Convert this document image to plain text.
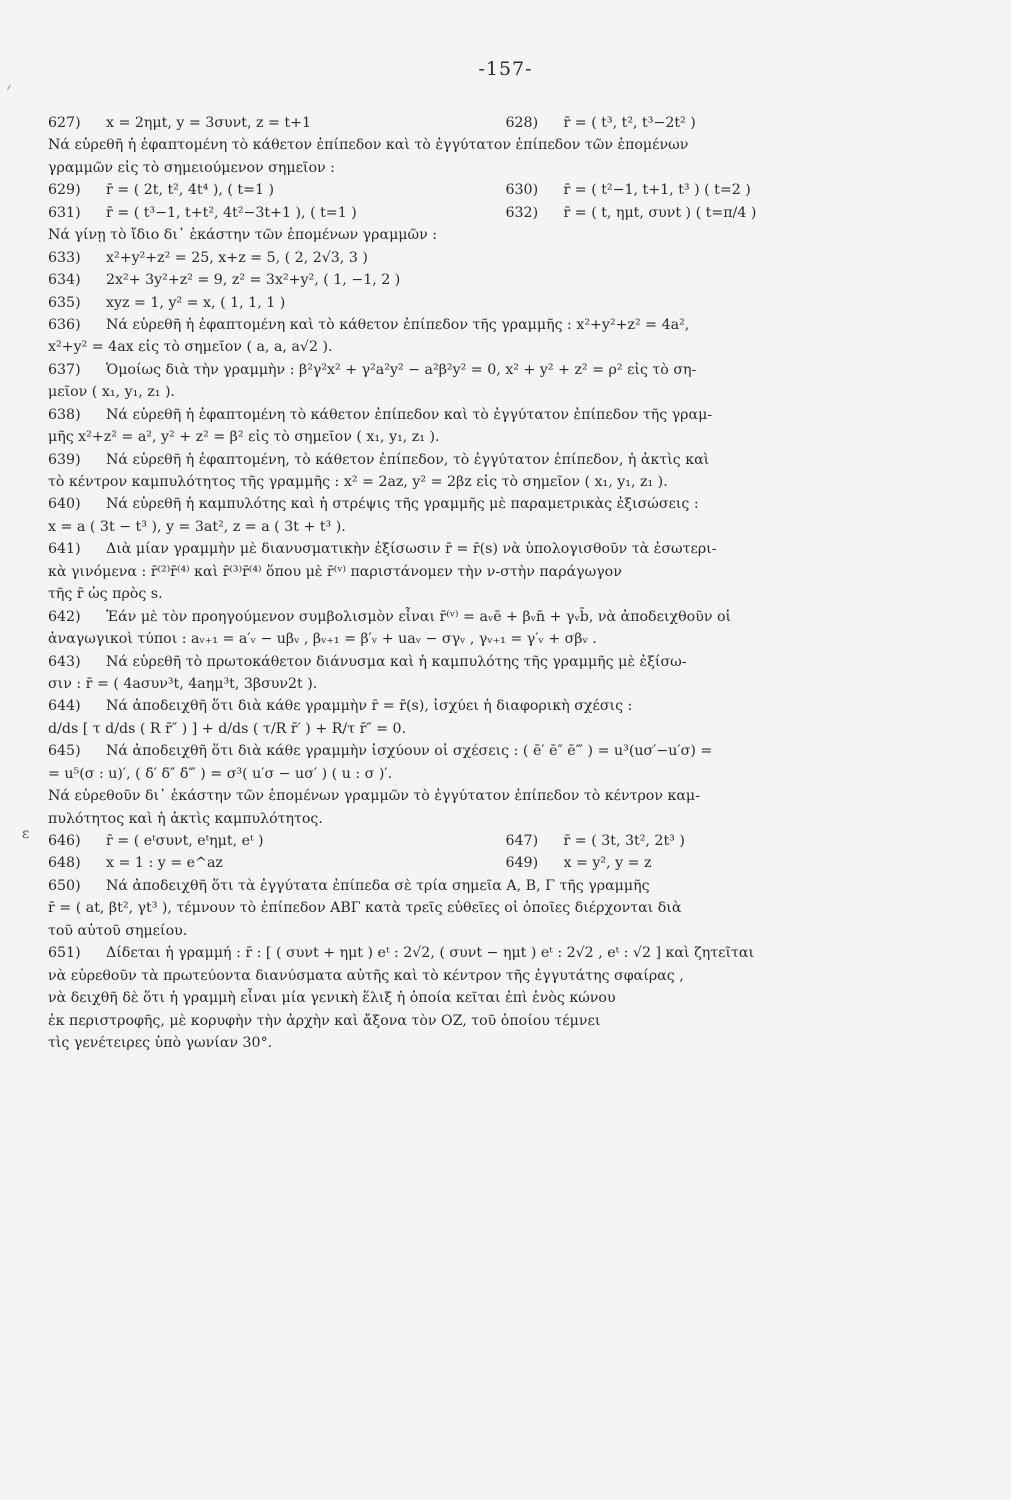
-157-
ε
627)	x = 2ημt, y = 3συνt, z = t+1	628)	r̄ = ( t³, t², t³−2t² )
Νά εὑρεθῆ ἡ ἐφαπτομένη τὸ κάθετον ἐπίπεδον καὶ τὸ ἐγγύτατον ἐπίπεδον τῶν ἑπομένων
γραμμῶν εἰς τὸ σημειούμενον σημεῖον :
629)	r̄ = ( 2t, t², 4t⁴ ), ( t=1 )	630)	r̄ = ( t²−1, t+1, t³ ) ( t=2 )
631)	r̄ = ( t³−1, t+t², 4t²−3t+1 ), ( t=1 )	632)	r̄ = ( t, ημt, συνt ) ( t=π/4 )
Νά γίνῃ τὸ ἴδιο δι᾽ ἑκάστην τῶν ἑπομένων γραμμῶν :
633)	x²+y²+z² = 25, x+z = 5, ( 2, 2√3, 3 )
634)	2x²+ 3y²+z² = 9, z² = 3x²+y², ( 1, −1, 2 )
635)	xyz = 1, y² = x, ( 1, 1, 1 )
636)	Νά εὑρεθῆ ἡ ἐφαπτομένη καὶ τὸ κάθετον ἐπίπεδον τῆς γραμμῆς : x²+y²+z² = 4a²,
x²+y² = 4ax εἰς τὸ σημεῖον ( a, a, a√2 ).
637)	Ὁμοίως διὰ τὴν γραμμὴν : β²γ²x² + γ²a²y² − a²β²y² = 0, x² + y² + z² = ρ² εἰς τὸ ση-
μεῖον ( x₁, y₁, z₁ ).
638)	Νά εὑρεθῆ ἡ ἐφαπτομένη τὸ κάθετον ἐπίπεδον καὶ τὸ ἐγγύτατον ἐπίπεδον τῆς γραμ-
μῆς x²+z² = a², y² + z² = β² εἰς τὸ σημεῖον ( x₁, y₁, z₁ ).
639)	Νά εὑρεθῆ ἡ ἐφαπτομένη, τὸ κάθετον ἐπίπεδον, τὸ ἐγγύτατον ἐπίπεδον, ἡ ἀκτὶς καὶ
τὸ κέντρον καμπυλότητος τῆς γραμμῆς : x² = 2az, y² = 2βz εἰς τὸ σημεῖον ( x₁, y₁, z₁ ).
640)	Νά εὑρεθῆ ἡ καμπυλότης καὶ ἡ στρέψις τῆς γραμμῆς μὲ παραμετρικὰς ἐξισώσεις :
x = a ( 3t − t³ ), y = 3at², z = a ( 3t + t³ ).
641)	Διὰ μίαν γραμμὴν μὲ διανυσματικὴν ἐξίσωσιν r̄ = r̄(s) νὰ ὑπολογισθοῦν τὰ ἐσωτερι-
κὰ γινόμενα : r̄⁽²⁾r̄⁽⁴⁾ καὶ r̄⁽³⁾r̄⁽⁴⁾ ὅπου μὲ r̄⁽ᵛ⁾ παριστάνομεν τὴν ν-στὴν παράγωγον
τῆς r̄ ὡς πρὸς s.
642)	Ἐάν μὲ τὸν προηγούμενον συμβολισμὸν εἶναι r̄⁽ᵛ⁾ = aᵥē + βᵥn̄ + γᵥb̄, νὰ ἀποδειχθοῦν οἱ
ἀναγωγικοὶ τύποι : aᵥ₊₁ = a′ᵥ − uβᵥ , βᵥ₊₁ = β′ᵥ + uaᵥ − σγᵥ , γᵥ₊₁ = γ′ᵥ + σβᵥ .
643)	Νά εὑρεθῆ τὸ πρωτοκάθετον διάνυσμα καὶ ἡ καμπυλότης τῆς γραμμῆς μὲ ἐξίσω-
σιν : r̄ = ( 4aσυν³t, 4aημ³t, 3βσυν2t ).
644)	Νά ἀποδειχθῆ ὅτι διὰ κάθε γραμμὴν r̄ = r̄(s), ἰσχύει ἡ διαφορικὴ σχέσις :
d/ds [ τ d/ds ( R r̄″ ) ] + d/ds ( τ/R r̄′ ) + R/τ r̄″ = 0.
645)	Νά ἀποδειχθῆ ὅτι διὰ κάθε γραμμὴν ἰσχύουν οἱ σχέσεις : ( ē′ ē″ ē‴ ) = u³(uσ′−u′σ) =
= u⁵(σ : u)′, ( δ̄′ δ̄″ δ̄‴ ) = σ³( u′σ − uσ′ ) ( u : σ )′.
Νά εὑρεθοῦν δι᾽ ἑκάστην τῶν ἑπομένων γραμμῶν τὸ ἐγγύτατον ἐπίπεδον τὸ κέντρον καμ-
πυλότητος καὶ ἡ ἀκτὶς καμπυλότητος.
646)	r̄ = ( eᵗσυνt, eᵗημt, eᵗ )	647)	r̄ = ( 3t, 3t², 2t³ )
648)	x = 1 : y = e^az	649)	x = y², y = z
650)	Νά ἀποδειχθῆ ὅτι τὰ ἐγγύτατα ἐπίπεδα σὲ τρία σημεῖα Α, Β, Γ τῆς γραμμῆς
r̄ = ( at, βt², γt³ ), τέμνουν τὸ ἐπίπεδον ΑΒΓ κατὰ τρεῖς εὐθεῖες οἱ ὁποῖες διέρχονται διὰ
τοῦ αὐτοῦ σημείου.
651)	Δίδεται ἡ γραμμή : r̄ : [ ( συνt + ημt ) eᵗ : 2√2, ( συνt − ημt ) eᵗ : 2√2 , eᵗ : √2 ] καὶ ζητεῖται
νὰ εὑρεθοῦν τὰ πρωτεύοντα διανύσματα αὐτῆς καὶ τὸ κέντρον τῆς ἐγγυτάτης σφαίρας ,
νὰ δειχθῆ δὲ ὅτι ἡ γραμμὴ εἶναι μία γενικὴ ἕλιξ ἡ ὁποία κεῖται ἐπὶ ἑνὸς κώνου
ἐκ περιστροφῆς, μὲ κορυφὴν τὴν ἀρχὴν καὶ ἄξονα τὸν OZ, τοῦ ὁποίου τέμνει
τὶς γενέτειρες ὑπὸ γωνίαν 30°.
